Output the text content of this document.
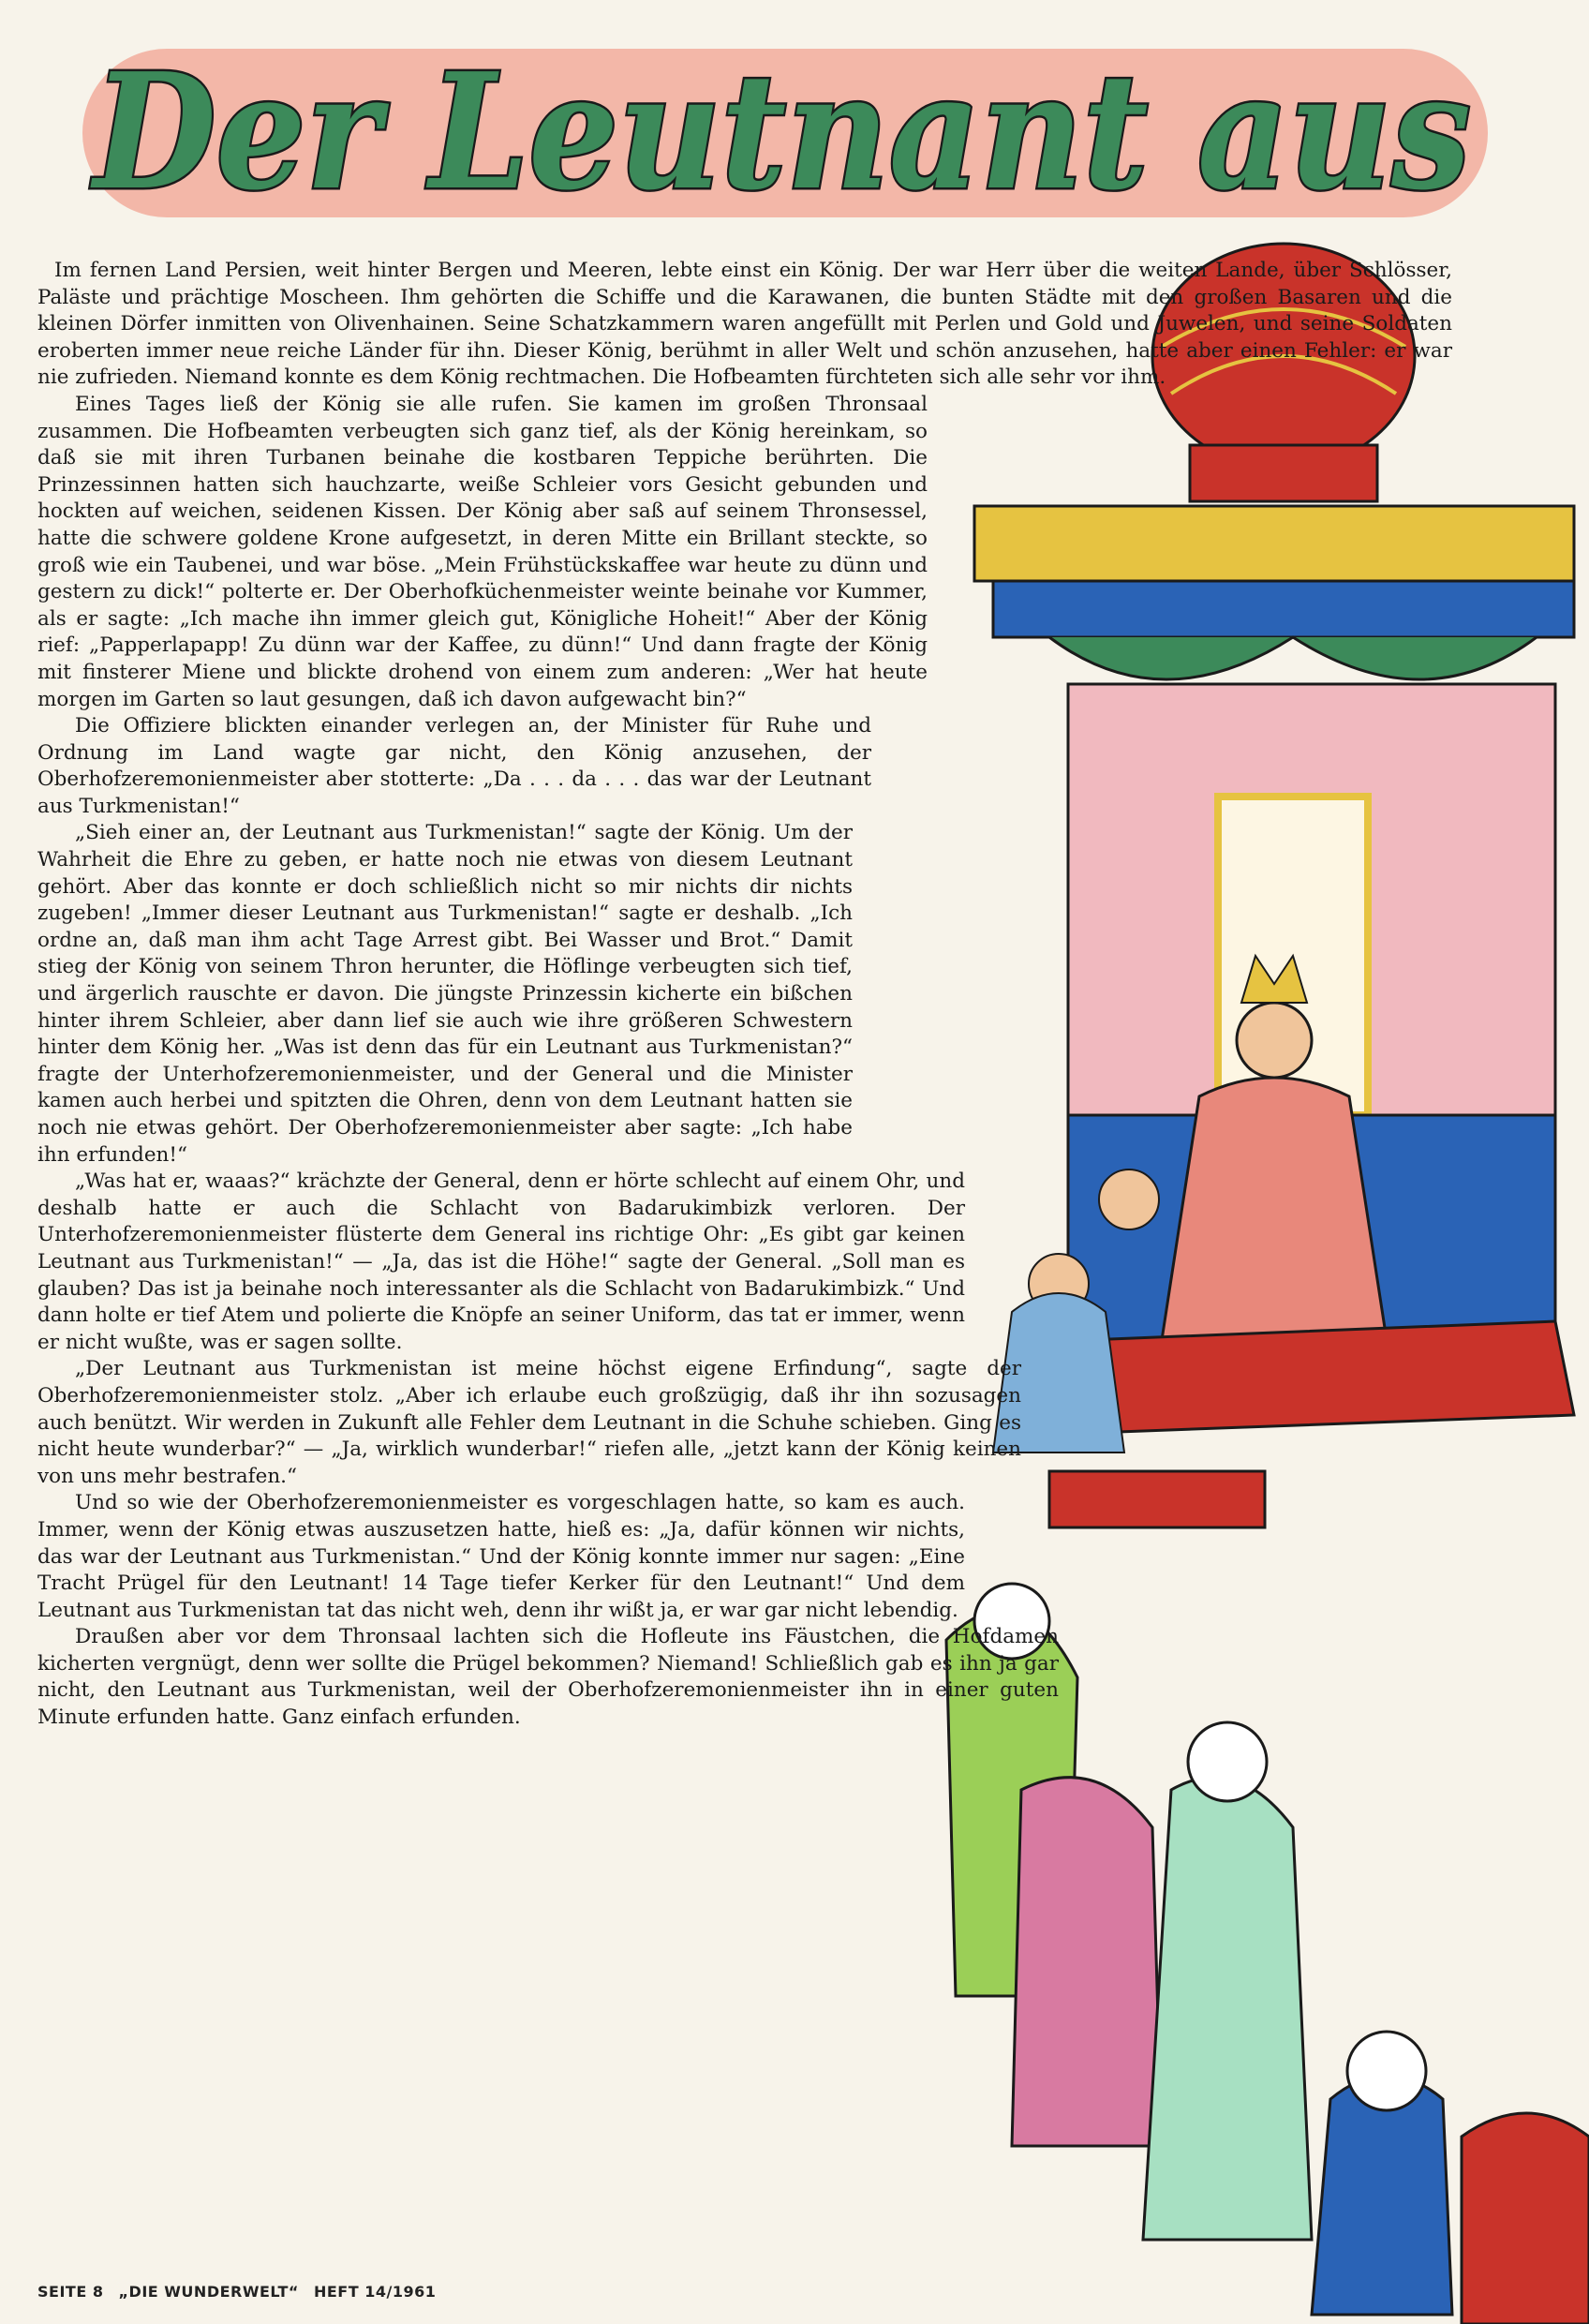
Der Leutnant aus

Im fernen Land Persien, weit hinter Bergen und Meeren, lebte einst ein König. Der war Herr über die weiten Lande, über Schlösser, Paläste und prächtige Moscheen. Ihm gehörten die Schiffe und die Karawanen, die bunten Städte mit den großen Basaren und die kleinen Dörfer inmitten von Olivenhainen. Seine Schatzkammern waren angefüllt mit Perlen und Gold und Juwelen, und seine Soldaten eroberten immer neue reiche Länder für ihn. Dieser König, berühmt in aller Welt und schön anzusehen, hatte aber einen Fehler: er war nie zufrieden. Niemand konnte es dem König rechtmachen. Die Hofbeamten fürchteten sich alle sehr vor ihm.

Eines Tages ließ der König sie alle rufen. Sie kamen im großen Thronsaal zusammen. Die Hofbeamten verbeugten sich ganz tief, als der König hereinkam, so daß sie mit ihren Turbanen beinahe die kostbaren Teppiche berührten. Die Prinzessinnen hatten sich hauchzarte, weiße Schleier vors Gesicht gebunden und hockten auf weichen, seidenen Kissen. Der König aber saß auf seinem Thronsessel, hatte die schwere goldene Krone aufgesetzt, in deren Mitte ein Brillant steckte, so groß wie ein Taubenei, und war böse. „Mein Frühstückskaffee war heute zu dünn und gestern zu dick!“ polterte er. Der Oberhofküchenmeister weinte beinahe vor Kummer, als er sagte: „Ich mache ihn immer gleich gut, Königliche Hoheit!“ Aber der König rief: „Papperlapapp! Zu dünn war der Kaffee, zu dünn!“ Und dann fragte der König mit finsterer Miene und blickte drohend von einem zum anderen: „Wer hat heute morgen im Garten so laut gesungen, daß ich davon aufgewacht bin?“

Die Offiziere blickten einander verlegen an, der Minister für Ruhe und Ordnung im Land wagte gar nicht, den König anzusehen, der Oberhofzeremonienmeister aber stotterte: „Da . . . da . . . das war der Leutnant aus Turkmenistan!“

„Sieh einer an, der Leutnant aus Turkmenistan!“ sagte der König. Um der Wahrheit die Ehre zu geben, er hatte noch nie etwas von diesem Leutnant gehört. Aber das konnte er doch schließlich nicht so mir nichts dir nichts zugeben! „Immer dieser Leutnant aus Turkmenistan!“ sagte er deshalb. „Ich ordne an, daß man ihm acht Tage Arrest gibt. Bei Wasser und Brot.“ Damit stieg der König von seinem Thron herunter, die Höflinge verbeugten sich tief, und ärgerlich rauschte er davon. Die jüngste Prinzessin kicherte ein bißchen hinter ihrem Schleier, aber dann lief sie auch wie ihre größeren Schwestern hinter dem König her. „Was ist denn das für ein Leutnant aus Turkmenistan?“ fragte der Unterhofzeremonienmeister, und der General und die Minister kamen auch herbei und spitzten die Ohren, denn von dem Leutnant hatten sie noch nie etwas gehört. Der Oberhofzeremonienmeister aber sagte: „Ich habe ihn erfunden!“

„Was hat er, waaas?“ krächzte der General, denn er hörte schlecht auf einem Ohr, und deshalb hatte er auch die Schlacht von Badarukimbizk verloren. Der Unterhofzeremonienmeister flüsterte dem General ins richtige Ohr: „Es gibt gar keinen Leutnant aus Turkmenistan!“ — „Ja, das ist die Höhe!“ sagte der General. „Soll man es glauben? Das ist ja beinahe noch interessanter als die Schlacht von Badarukimbizk.“ Und dann holte er tief Atem und polierte die Knöpfe an seiner Uniform, das tat er immer, wenn er nicht wußte, was er sagen sollte.

„Der Leutnant aus Turkmenistan ist meine höchst eigene Erfindung“, sagte der Oberhofzeremonienmeister stolz. „Aber ich erlaube euch großzügig, daß ihr ihn sozusagen auch benützt. Wir werden in Zukunft alle Fehler dem Leutnant in die Schuhe schieben. Ging es nicht heute wunderbar?“ — „Ja, wirklich wunderbar!“ riefen alle, „jetzt kann der König keinen von uns mehr bestrafen.“

Und so wie der Oberhofzeremonienmeister es vorgeschlagen hatte, so kam es auch. Immer, wenn der König etwas auszusetzen hatte, hieß es: „Ja, dafür können wir nichts, das war der Leutnant aus Turkmenistan.“ Und der König konnte immer nur sagen: „Eine Tracht Prügel für den Leutnant! 14 Tage tiefer Kerker für den Leutnant!“ Und dem Leutnant aus Turkmenistan tat das nicht weh, denn ihr wißt ja, er war gar nicht lebendig.

Draußen aber vor dem Thronsaal lachten sich die Hofleute ins Fäustchen, die Hofdamen kicherten vergnügt, denn wer sollte die Prügel bekommen? Niemand! Schließlich gab es ihn ja gar nicht, den Leutnant aus Turkmenistan, weil der Oberhofzeremonienmeister ihn in einer guten Minute erfunden hatte. Ganz einfach erfunden.

SEITE 8 „DIE WUNDERWELT“ HEFT 14/1961
